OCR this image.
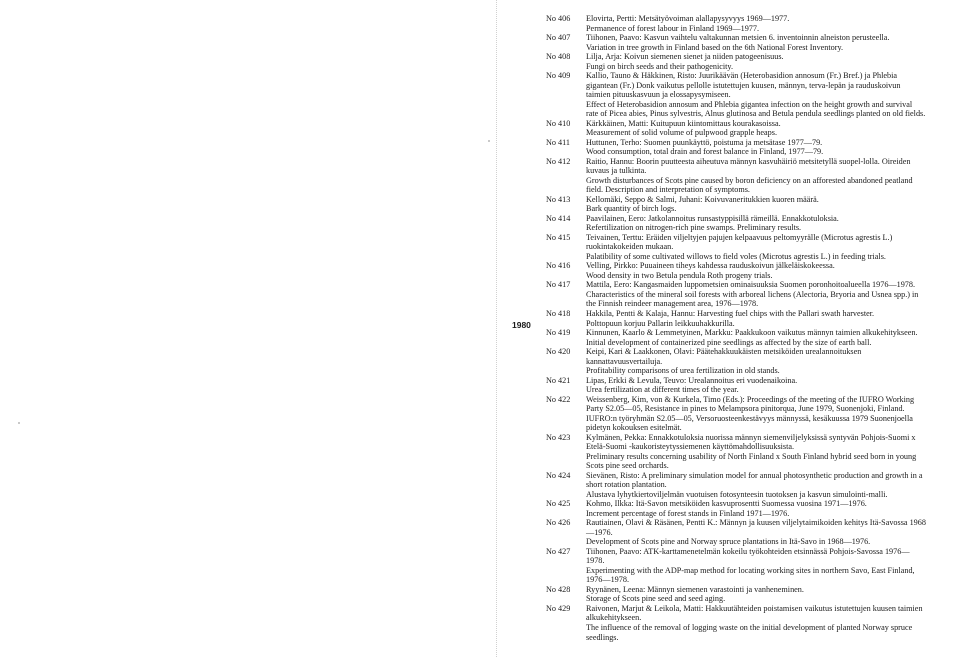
1980
No 406	Elovirta, Pertti: Metsätyövoiman alallapysyvyys 1969—1977.
Permanence of forest labour in Finland 1969—1977.
No 407	Tiihonen, Paavo: Kasvun vaihtelu valtakunnan metsien 6. inventoinnin alneiston perusteella.
Variation in tree growth in Finland based on the 6th National Forest Inventory.
No 408	Lilja, Arja: Koivun siemenen sienet ja niiden patogeenisuus.
Fungi on birch seeds and their pathogenicity.
No 409	Kallio, Tauno & Häkkinen, Risto: Juurikäävän (Heterobasidion annosum (Fr.) Bref.) ja Phlebia gigantean (Fr.) Donk vaikutus pellolle istutettujen kuusen, männyn, terva-lepän ja rauduskoivun taimien pituuskasvuun ja elossapysymiseen.
Effect of Heterobasidion annosum and Phlebia gigantea infection on the height growth and survival rate of Picea abies, Pinus sylvestris, Alnus glutinosa and Betula pendula seedlings planted on old fields.
No 410	Kärkkäinen, Matti: Kuitupuun kiintomittaus kourakasoissa.
Measurement of solid volume of pulpwood grapple heaps.
No 411	Huttunen, Terho: Suomen puunkäyttö, poistuma ja metsätase 1977—79.
Wood consumption, total drain and forest balance in Finland, 1977—79.
No 412	Raitio, Hannu: Boorin puutteesta aiheutuva männyn kasvuhäiriö metsitetyllä suopel-lolla. Oireiden kuvaus ja tulkinta.
Growth disturbances of Scots pine caused by boron deficiency on an afforested abandoned peatland field. Description and interpretation of symptoms.
No 413	Kellomäki, Seppo & Salmi, Juhani: Koivuvaneritukkien kuoren määrä.
Bark quantity of birch logs.
No 414	Paavilainen, Eero: Jatkolannoitus runsastyppisillä rämeillä. Ennakkotuloksia.
Refertilization on nitrogen-rich pine swamps. Preliminary results.
No 415	Teivainen, Terttu: Eräiden viljeltyjen pajujen kelpaavuus peltomyyrälle (Microtus agrestis L.) ruokintakokeiden mukaan.
Palatibility of some cultivated willows to field voles (Microtus agrestis L.) in feeding trials.
No 416	Velling, Pirkko: Puuaineen tiheys kahdessa rauduskoivun jälkeläiskokeessa.
Wood density in two Betula pendula Roth progeny trials.
No 417	Mattila, Eero: Kangasmaiden luppometsien ominaisuuksia Suomen poronhoitoalueella 1976—1978.
Characteristics of the mineral soil forests with arboreal lichens (Alectoria, Bryoria and Usnea spp.) in the Finnish reindeer management area, 1976—1978.
No 418	Hakkila, Pentti & Kalaja, Hannu: Harvesting fuel chips with the Pallari swath harvester.
Polttopuun korjuu Pallarin leikkuuhakkurilla.
No 419	Kinnunen, Kaarlo & Lemmetyinen, Markku: Paakkukoon vaikutus männyn taimien alkukehitykseen.
Initial development of containerized pine seedlings as affected by the size of earth ball.
No 420	Keipi, Kari & Laakkonen, Olavi: Päätehakkuukäisten metsiköiden urealannoituksen kannattavuusvertailuja.
Profitability comparisons of urea fertilization in old stands.
No 421	Lipas, Erkki & Levula, Teuvo: Urealannoitus eri vuodenaikoina.
Urea fertilization at different times of the year.
No 422	Weissenberg, Kim, von & Kurkela, Timo (Eds.): Proceedings of the meeting of the IUFRO Working Party S2.05—05, Resistance in pines to Melampsora pinitorqua, June 1979, Suonenjoki, Finland.
IUFRO:n työryhmän S2.05—05, Versoruosteenkestävyys männyssä, kesäkuussa 1979 Suonenjoella pidetyn kokouksen esitelmät.
No 423	Kylmänen, Pekka: Ennakkotuloksia nuorissa männyn siemenviljelyksissä syntyvän Pohjois-Suomi x Etelä-Suomi -kaukoristeytyssiemenen käyttömahdollisuuksista.
Preliminary results concerning usability of North Finland x South Finland hybrid seed born in young Scots pine seed orchards.
No 424	Sievänen, Risto: A preliminary simulation model for annual photosynthetic production and growth in a short rotation plantation.
Alustava lyhytkiertoviljelmän vuotuisen fotosynteesin tuotoksen ja kasvun simulointi-malli.
No 425	Kohmo, Ilkka: Itä-Savon metsiköiden kasvuprosentti Suomessa vuosina 1971—1976.
Increment percentage of forest stands in Finland 1971—1976.
No 426	Rautiainen, Olavi & Räsänen, Pentti K.: Männyn ja kuusen viljelytaimikoiden kehitys Itä-Savossa 1968—1976.
Development of Scots pine and Norway spruce plantations in Itä-Savo in 1968—1976.
No 427	Tiihonen, Paavo: ATK-karttamenetelmän kokeilu työkohteiden etsinnässä Pohjois-Savossa 1976—1978.
Experimenting with the ADP-map method for locating working sites in northern Savo, East Finland, 1976—1978.
No 428	Ryynänen, Leena: Männyn siemenen varastointi ja vanheneminen.
Storage of Scots pine seed and seed aging.
No 429	Raivonen, Marjut & Leikola, Matti: Hakkuutähteiden poistamisen vaikutus istutettujen kuusen taimien alkukehitykseen.
The influence of the removal of logging waste on the initial development of planted Norway spruce seedlings.
